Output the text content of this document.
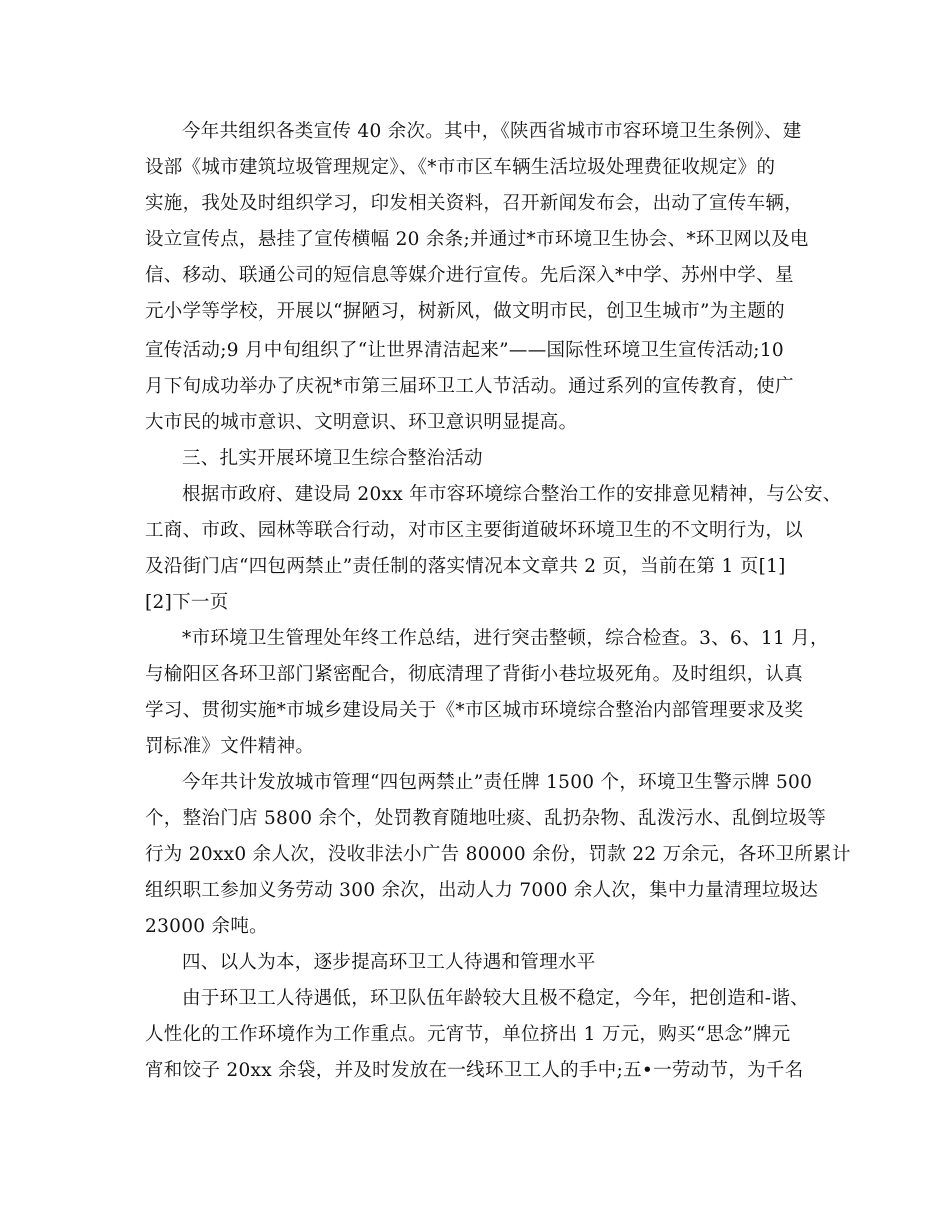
今年共组织各类宣传 40 余次。其中，《陕西省城市市容环境卫生条例》、建
设部《城市建筑垃圾管理规定》、《*市市区车辆生活垃圾处理费征收规定》的
实施，我处及时组织学习，印发相关资料，召开新闻发布会，出动了宣传车辆，
设立宣传点，悬挂了宣传横幅 20 余条;并通过*市环境卫生协会、*环卫网以及电
信、移动、联通公司的短信息等媒介进行宣传。先后深入*中学、苏州中学、星
元小学等学校，开展以“摒陋习，树新风，做文明市民，创卫生城市”为主题的
宣传活动;9 月中旬组织了“让世界清洁起来”——国际性环境卫生宣传活动;10
月下旬成功举办了庆祝*市第三届环卫工人节活动。通过系列的宣传教育，使广
大市民的城市意识、文明意识、环卫意识明显提高。
三、扎实开展环境卫生综合整治活动
根据市政府、建设局 20xx 年市容环境综合整治工作的安排意见精神，与公安、
工商、市政、园林等联合行动，对市区主要街道破坏环境卫生的不文明行为，以
及沿街门店“四包两禁止”责任制的落实情况本文章共 2 页，当前在第 1 页[1]
[2]下一页
*市环境卫生管理处年终工作总结，进行突击整顿，综合检查。3、6、11 月，
与榆阳区各环卫部门紧密配合，彻底清理了背街小巷垃圾死角。及时组织，认真
学习、贯彻实施*市城乡建设局关于《*市区城市环境综合整治内部管理要求及奖
罚标准》文件精神。
今年共计发放城市管理“四包两禁止”责任牌 1500 个，环境卫生警示牌 500
个，整治门店 5800 余个，处罚教育随地吐痰、乱扔杂物、乱泼污水、乱倒垃圾等
行为 20xx0 余人次，没收非法小广告 80000 余份，罚款 22 万余元，各环卫所累计
组织职工参加义务劳动 300 余次，出动人力 7000 余人次，集中力量清理垃圾达
23000 余吨。
四、以人为本，逐步提高环卫工人待遇和管理水平
由于环卫工人待遇低，环卫队伍年龄较大且极不稳定，今年，把创造和-谐、
人性化的工作环境作为工作重点。元宵节，单位挤出 1 万元，购买“思念”牌元
宵和饺子 20xx 余袋，并及时发放在一线环卫工人的手中;五•一劳动节，为千名
